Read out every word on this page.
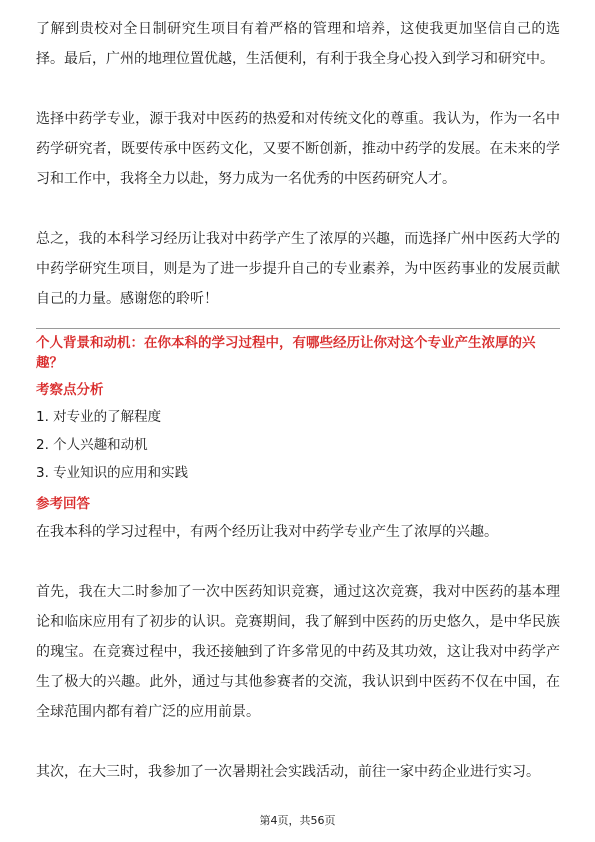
了解到贵校对全日制研究生项目有着严格的管理和培养，这使我更加坚信自己的选择。最后，广州的地理位置优越，生活便利，有利于我全身心投入到学习和研究中。

选择中药学专业，源于我对中医药的热爱和对传统文化的尊重。我认为，作为一名中药学研究者，既要传承中医药文化，又要不断创新，推动中药学的发展。在未来的学习和工作中，我将全力以赴，努力成为一名优秀的中医药研究人才。

总之，我的本科学习经历让我对中药学产生了浓厚的兴趣，而选择广州中医药大学的中药学研究生项目，则是为了进一步提升自己的专业素养，为中医药事业的发展贡献自己的力量。感谢您的聆听！

个人背景和动机：在你本科的学习过程中，有哪些经历让你对这个专业产生浓厚的兴趣？

考察点分析

1. 对专业的了解程度

2. 个人兴趣和动机

3. 专业知识的应用和实践

参考回答

在我本科的学习过程中，有两个经历让我对中药学专业产生了浓厚的兴趣。

首先，我在大二时参加了一次中医药知识竞赛，通过这次竞赛，我对中医药的基本理论和临床应用有了初步的认识。竞赛期间，我了解到中医药的历史悠久，是中华民族的瑰宝。在竞赛过程中，我还接触到了许多常见的中药及其功效，这让我对中药学产生了极大的兴趣。此外，通过与其他参赛者的交流，我认识到中医药不仅在中国，在全球范围内都有着广泛的应用前景。

其次，在大三时，我参加了一次暑期社会实践活动，前往一家中药企业进行实习。

第4页，共56页
